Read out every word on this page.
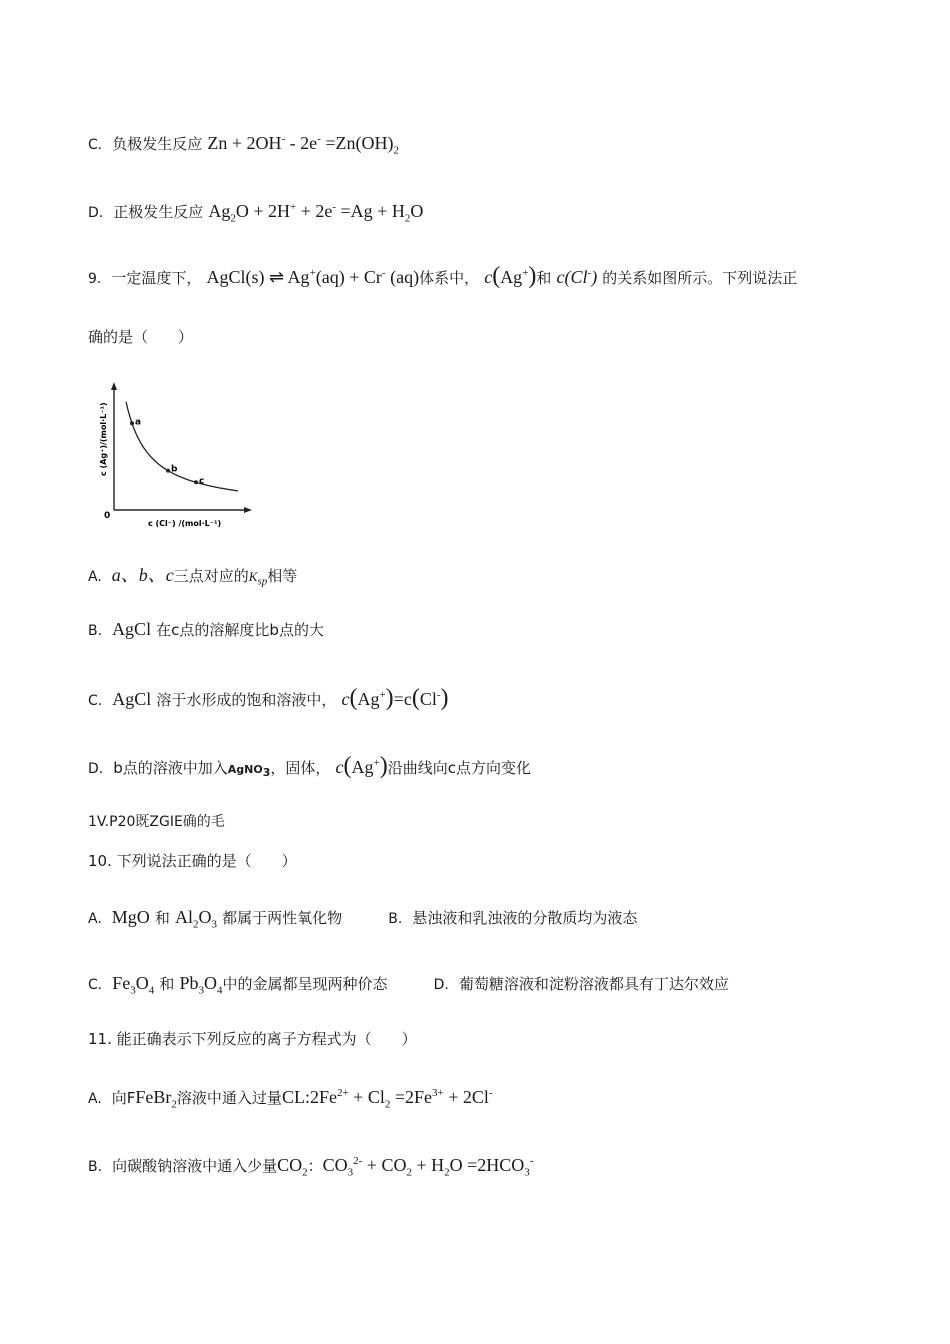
C. 负极发生反应 $Zn + 2OH^- - 2e^- =Zn(OH)_2$
D. 正极发生反应 $Ag_2O + 2H^+ + 2e^- =Ag + H_2O$
9. 一定温度下， AgCl(s) ⇌ Ag+(aq) + Cr- (aq)体系中， c(Ag+)和 c(Cl-) 的关系如图所示。下列说法正
确的是（　　）
a
b
c
0
c (Cl⁻) /(mol·L⁻¹)
c (Ag⁺)/(mol·L⁻¹)
A. a、b、c三点对应的$K_{sp}$相等
B. AgCl 在c点的溶解度比b点的大
C. AgCl 溶于水形成的饱和溶液中， c(Ag+)=c(Cl-)
D. b点的溶液中加入AgNO$_3$，固体， c(Ag+)沿曲线向c点方向变化
1V.P20既ZGIE确的毛
10. 下列说法正确的是（　　）
A. MgO 和 $Al_2O_3$ 都属于两性氧化物	B. 悬浊液和乳浊液的分散质均为液态
C. $Fe_3O_4$ 和 $Pb_3O_4$中的金属都呈现两种价态	D. 葡萄糖溶液和淀粉溶液都具有丁达尔效应
11. 能正确表示下列反应的离子方程式为（　　）
A. 向FFeBr$_2$溶液中通入过量$CL:2Fe^{2+} + Cl_2 =2Fe^{3+} + 2Cl^-$
B. 向碳酸钠溶液中通入少量$CO_2$：$CO_3^{2-} + CO_2 + H_2O =2HCO_3^-$
